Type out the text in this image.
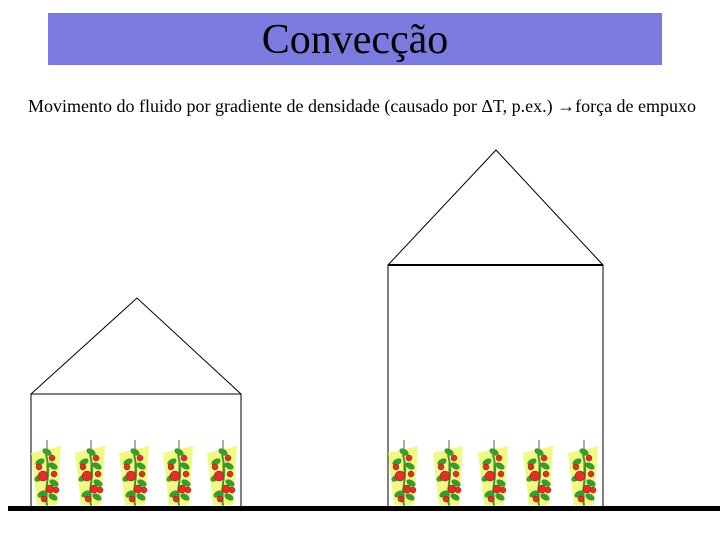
Convecção
Movimento do fluido por gradiente de densidade (causado por ΔT, p.ex.) →força de empuxo
